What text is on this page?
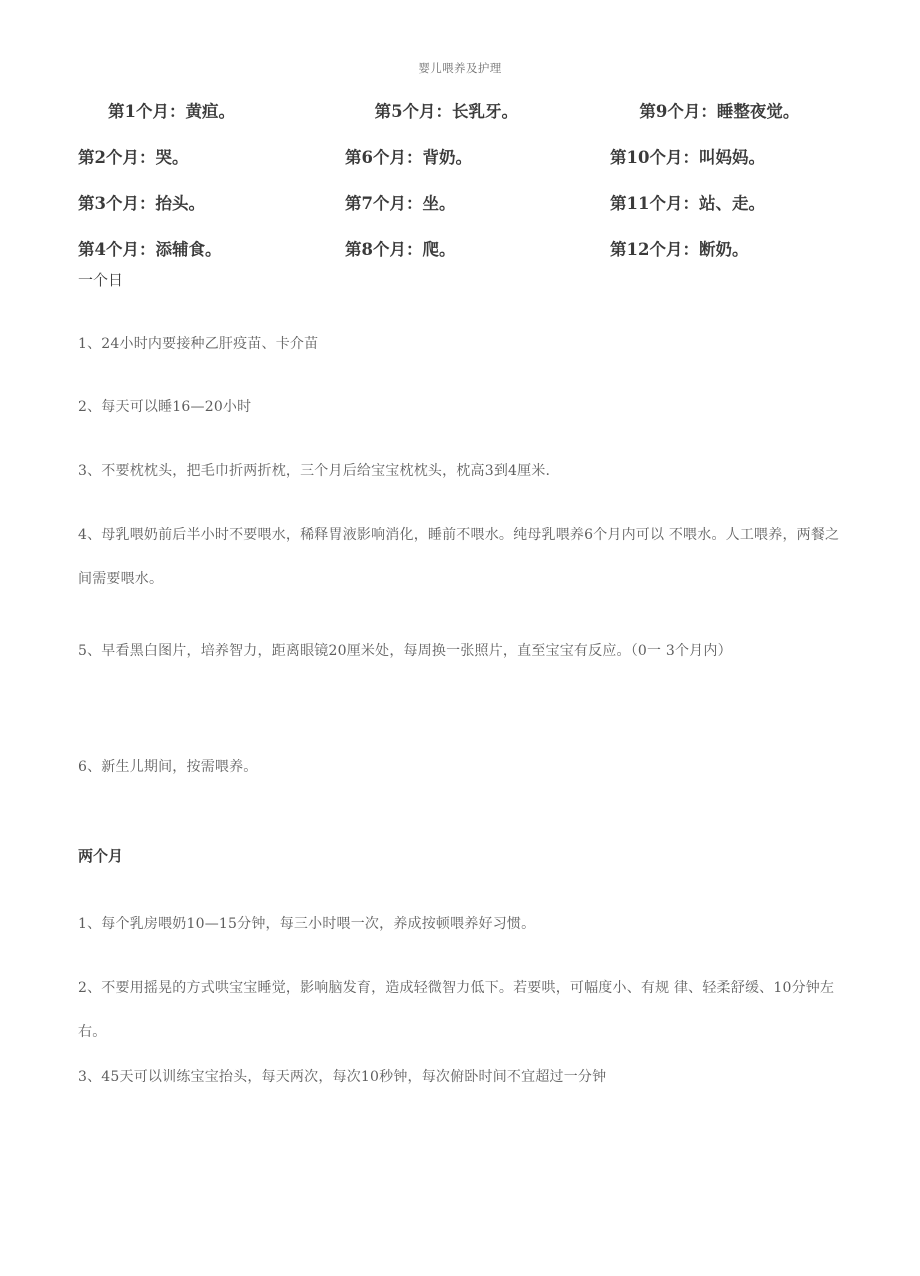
婴儿喂养及护理
第1个月：黄疸。	第5个月：长乳牙。	第9个月：睡整夜觉。
第2个月：哭。	第6个月：背奶。	第10个月：叫妈妈。
第3个月：抬头。	第7个月：坐。	第11个月：站、走。
第4个月：添辅食。	第8个月：爬。	第12个月：断奶。
一个日
1、24小时内要接种乙肝疫苗、卡介苗
2、每天可以睡16—20小时
3、不要枕枕头，把毛巾折两折枕，三个月后给宝宝枕枕头，枕高3到4厘米.
4、母乳喂奶前后半小时不要喂水，稀释胃液影响消化，睡前不喂水。纯母乳喂养6个月内可以 不喂水。人工喂养，两餐之间需要喂水。
5、早看黑白图片，培养智力，距离眼镜20厘米处，每周换一张照片，直至宝宝有反应。（0一 3个月内）
6、新生儿期间，按需喂养。
两个月
1、每个乳房喂奶10—15分钟，每三小时喂一次，养成按顿喂养好习惯。
2、不要用摇晃的方式哄宝宝睡觉，影响脑发育，造成轻微智力低下。若要哄，可幅度小、有规 律、轻柔舒缓、10分钟左右。
3、45天可以训练宝宝抬头，每天两次，每次10秒钟，每次俯卧时间不宜超过一分钟
